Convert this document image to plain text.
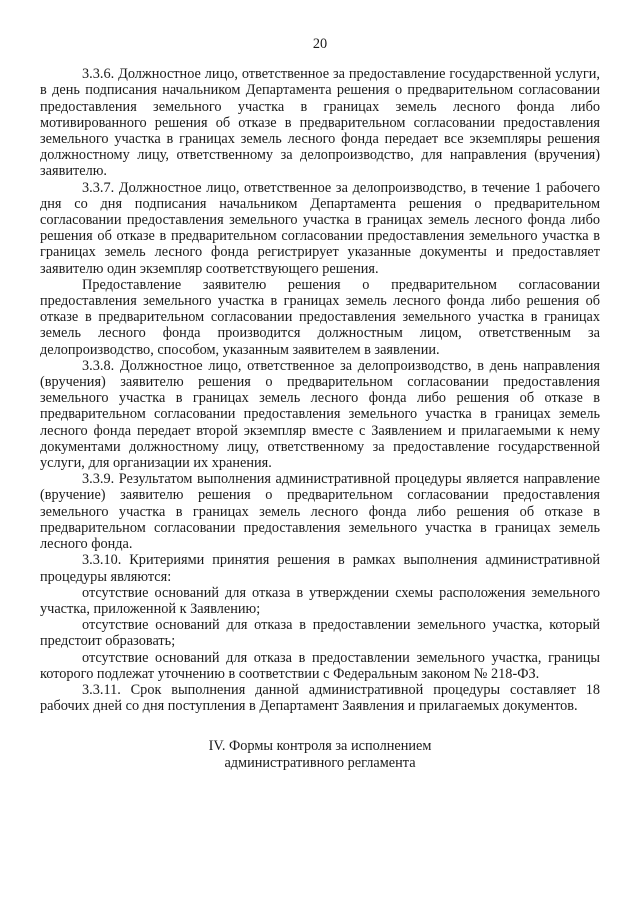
20

3.3.6. Должностное лицо, ответственное за предоставление государственной услуги, в день подписания начальником Департамента решения о предварительном согласовании предоставления земельного участка в границах земель лесного фонда либо мотивированного решения об отказе в предварительном согласовании предоставления земельного участка в границах земель лесного фонда передает все экземпляры решения должностному лицу, ответственному за делопроизводство, для направления (вручения) заявителю.

3.3.7. Должностное лицо, ответственное за делопроизводство, в течение 1 рабочего дня со дня подписания начальником Департамента решения о предварительном согласовании предоставления земельного участка в границах земель лесного фонда либо решения об отказе в предварительном согласовании предоставления земельного участка в границах земель лесного фонда регистрирует указанные документы и предоставляет заявителю один экземпляр соответствующего решения.

Предоставление заявителю решения о предварительном согласовании предоставления земельного участка в границах земель лесного фонда либо решения об отказе в предварительном согласовании предоставления земельного участка в границах земель лесного фонда производится должностным лицом, ответственным за делопроизводство, способом, указанным заявителем в заявлении.

3.3.8. Должностное лицо, ответственное за делопроизводство, в день направления (вручения) заявителю решения о предварительном согласовании предоставления земельного участка в границах земель лесного фонда либо решения об отказе в предварительном согласовании предоставления земельного участка в границах земель лесного фонда передает второй экземпляр вместе с Заявлением и прилагаемыми к нему документами должностному лицу, ответственному за предоставление государственной услуги, для организации их хранения.

3.3.9. Результатом выполнения административной процедуры является направление (вручение) заявителю решения о предварительном согласовании предоставления земельного участка в границах земель лесного фонда либо решения об отказе в предварительном согласовании предоставления земельного участка в границах земель лесного фонда.

3.3.10. Критериями принятия решения в рамках выполнения административной процедуры являются:

отсутствие оснований для отказа в утверждении схемы расположения земельного участка, приложенной к Заявлению;

отсутствие оснований для отказа в предоставлении земельного участка, который предстоит образовать;

отсутствие оснований для отказа в предоставлении земельного участка, границы которого подлежат уточнению в соответствии с Федеральным законом № 218-ФЗ.

3.3.11. Срок выполнения данной административной процедуры составляет 18 рабочих дней со дня поступления в Департамент Заявления и прилагаемых документов.

IV. Формы контроля за исполнением
административного регламента
